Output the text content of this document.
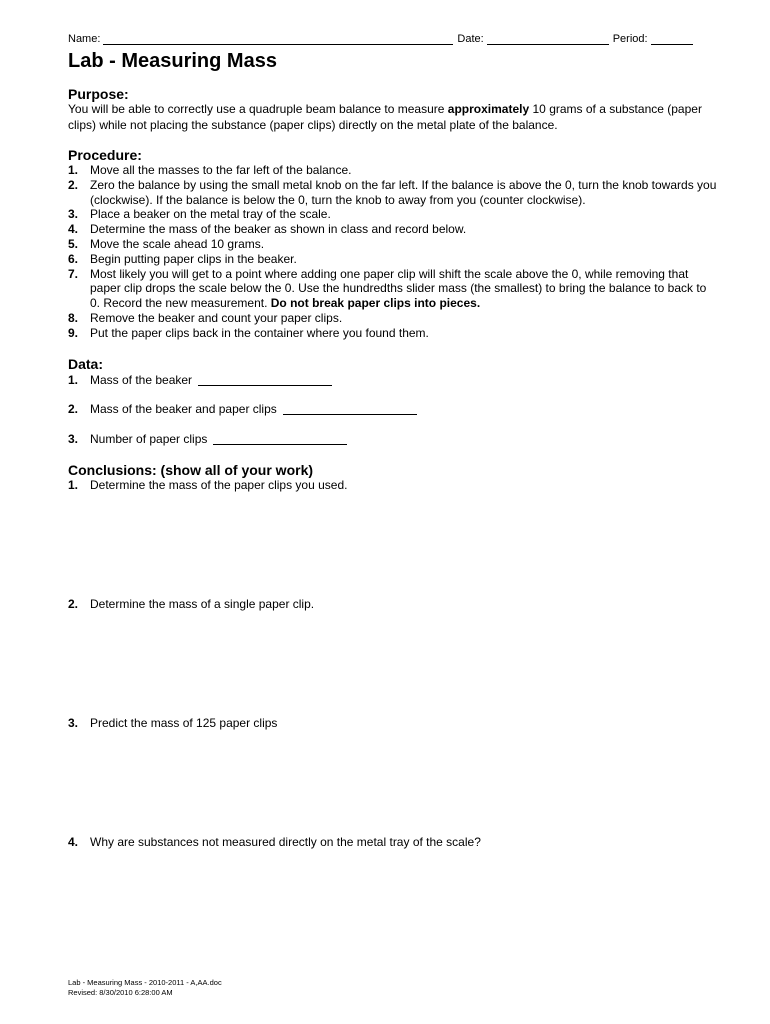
Name:	Date:	Period:
Lab - Measuring Mass
Purpose:
You will be able to correctly use a quadruple beam balance to measure approximately 10 grams of a substance (paper clips) while not placing the substance (paper clips) directly on the metal plate of the balance.
Procedure:
1. Move all the masses to the far left of the balance.
2. Zero the balance by using the small metal knob on the far left. If the balance is above the 0, turn the knob towards you (clockwise). If the balance is below the 0, turn the knob to away from you (counter clockwise).
3. Place a beaker on the metal tray of the scale.
4. Determine the mass of the beaker as shown in class and record below.
5. Move the scale ahead 10 grams.
6. Begin putting paper clips in the beaker.
7. Most likely you will get to a point where adding one paper clip will shift the scale above the 0, while removing that paper clip drops the scale below the 0. Use the hundredths slider mass (the smallest) to bring the balance to back to 0. Record the new measurement. Do not break paper clips into pieces.
8. Remove the beaker and count your paper clips.
9. Put the paper clips back in the container where you found them.
Data:
1. Mass of the beaker
2. Mass of the beaker and paper clips
3. Number of paper clips
Conclusions: (show all of your work)
1. Determine the mass of the paper clips you used.
2. Determine the mass of a single paper clip.
3. Predict the mass of 125 paper clips
4. Why are substances not measured directly on the metal tray of the scale?
Lab - Measuring Mass - 2010-2011 - A,AA.doc
Revised: 8/30/2010 6:28:00 AM
